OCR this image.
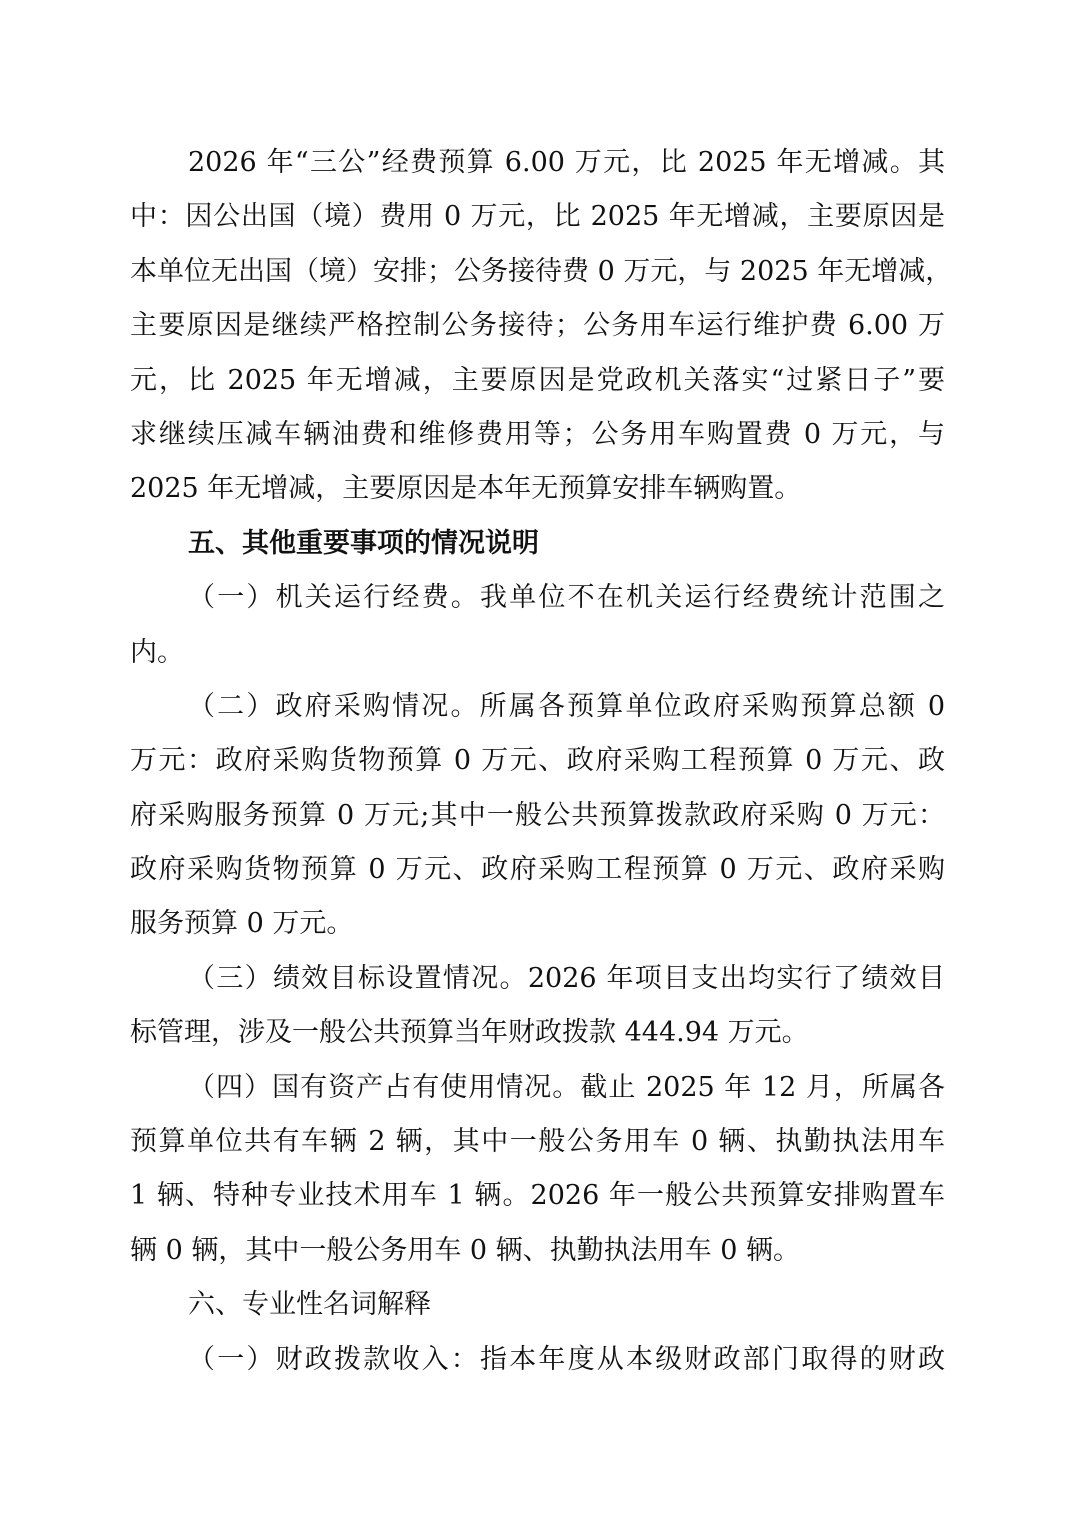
2026 年“三公”经费预算 6.00 万元，比 2025 年无增减。其
中：因公出国（境）费用 0 万元，比 2025 年无增减，主要原因是
本单位无出国（境）安排；公务接待费 0 万元，与 2025 年无增减，
主要原因是继续严格控制公务接待；公务用车运行维护费 6.00 万
元，比 2025 年无增减，主要原因是党政机关落实“过紧日子”要
求继续压减车辆油费和维修费用等；公务用车购置费 0 万元，与
2025 年无增减，主要原因是本年无预算安排车辆购置。
五、其他重要事项的情况说明
（一）机关运行经费。我单位不在机关运行经费统计范围之
内。
（二）政府采购情况。所属各预算单位政府采购预算总额 0
万元：政府采购货物预算 0 万元、政府采购工程预算 0 万元、政
府采购服务预算 0 万元;其中一般公共预算拨款政府采购 0 万元：
政府采购货物预算 0 万元、政府采购工程预算 0 万元、政府采购
服务预算 0 万元。
（三）绩效目标设置情况。2026 年项目支出均实行了绩效目
标管理，涉及一般公共预算当年财政拨款 444.94 万元。
（四）国有资产占有使用情况。截止 2025 年 12 月，所属各
预算单位共有车辆 2 辆，其中一般公务用车 0 辆、执勤执法用车
1 辆、特种专业技术用车 1 辆。2026 年一般公共预算安排购置车
辆 0 辆，其中一般公务用车 0 辆、执勤执法用车 0 辆。
六、专业性名词解释
（一）财政拨款收入：指本年度从本级财政部门取得的财政
